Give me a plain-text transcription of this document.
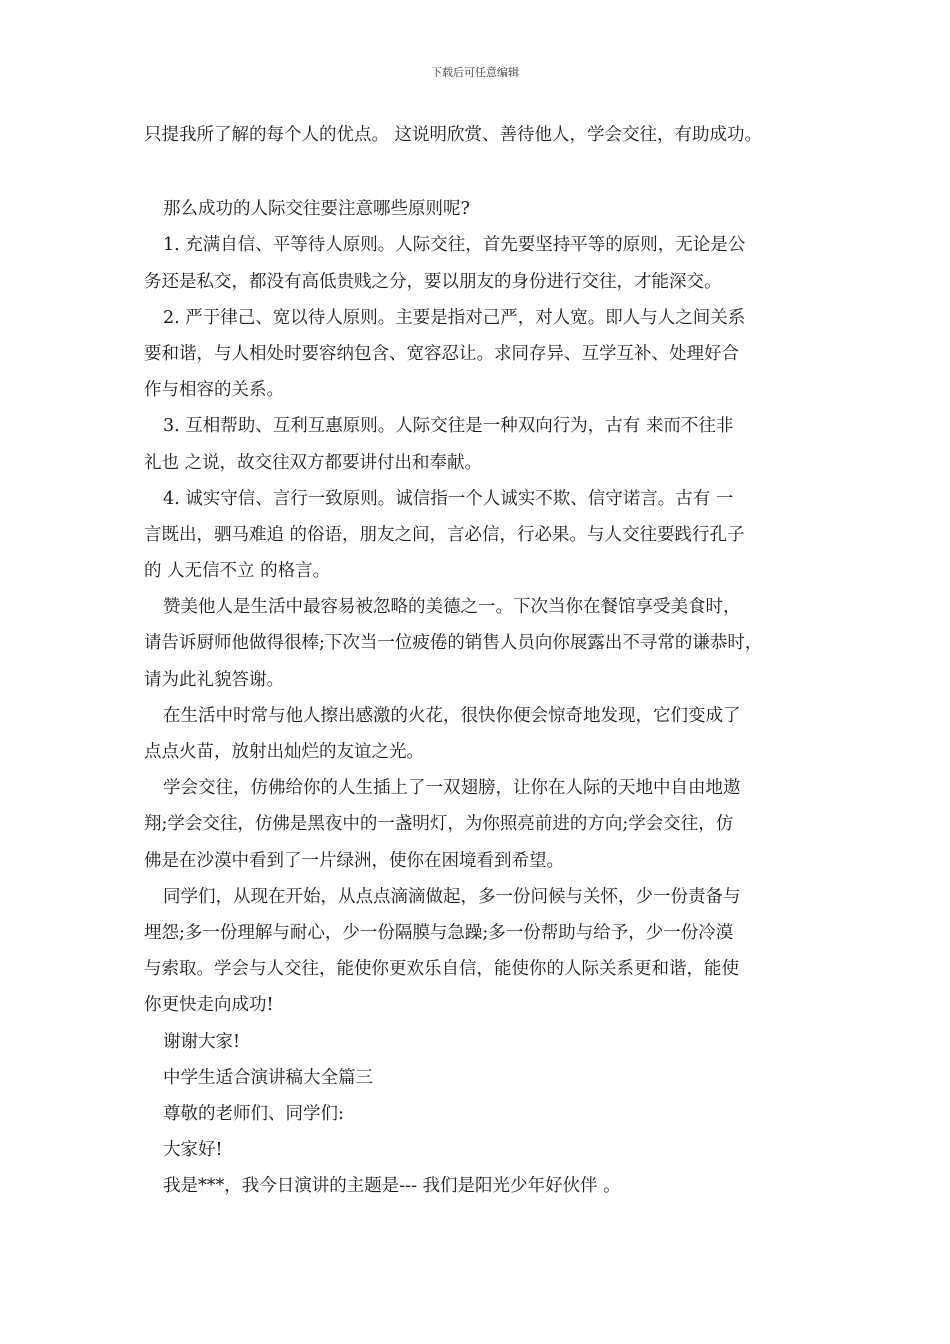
下载后可任意编辑

只提我所了解的每个人的优点。 这说明欣赏、善待他人，学会交往，有助成功。

那么成功的人际交往要注意哪些原则呢?

1. 充满自信、平等待人原则。人际交往，首先要坚持平等的原则，无论是公

务还是私交，都没有高低贵贱之分，要以朋友的身份进行交往，才能深交。

2. 严于律己、宽以待人原则。主要是指对己严，对人宽。即人与人之间关系

要和谐，与人相处时要容纳包含、宽容忍让。求同存异、互学互补、处理好合

作与相容的关系。

3. 互相帮助、互利互惠原则。人际交往是一种双向行为，古有 来而不往非

礼也 之说，故交往双方都要讲付出和奉献。

4. 诚实守信、言行一致原则。诚信指一个人诚实不欺、信守诺言。古有 一

言既出，驷马难追 的俗语，朋友之间，言必信，行必果。与人交往要践行孔子

的 人无信不立 的格言。

赞美他人是生活中最容易被忽略的美德之一。下次当你在餐馆享受美食时，

请告诉厨师他做得很棒;下次当一位疲倦的销售人员向你展露出不寻常的谦恭时，

请为此礼貌答谢。

在生活中时常与他人擦出感激的火花，很快你便会惊奇地发现，它们变成了

点点火苗，放射出灿烂的友谊之光。

学会交往，仿佛给你的人生插上了一双翅膀，让你在人际的天地中自由地遨

翔;学会交往，仿佛是黑夜中的一盏明灯，为你照亮前进的方向;学会交往，仿

佛是在沙漠中看到了一片绿洲，使你在困境看到希望。

同学们，从现在开始，从点点滴滴做起，多一份问候与关怀，少一份责备与

埋怨;多一份理解与耐心，少一份隔膜与急躁;多一份帮助与给予，少一份冷漠

与索取。学会与人交往，能使你更欢乐自信，能使你的人际关系更和谐，能使

你更快走向成功!

谢谢大家!

中学生适合演讲稿大全篇三

尊敬的老师们、同学们:

大家好!

我是***，我今日演讲的主题是--- 我们是阳光少年好伙伴 。
